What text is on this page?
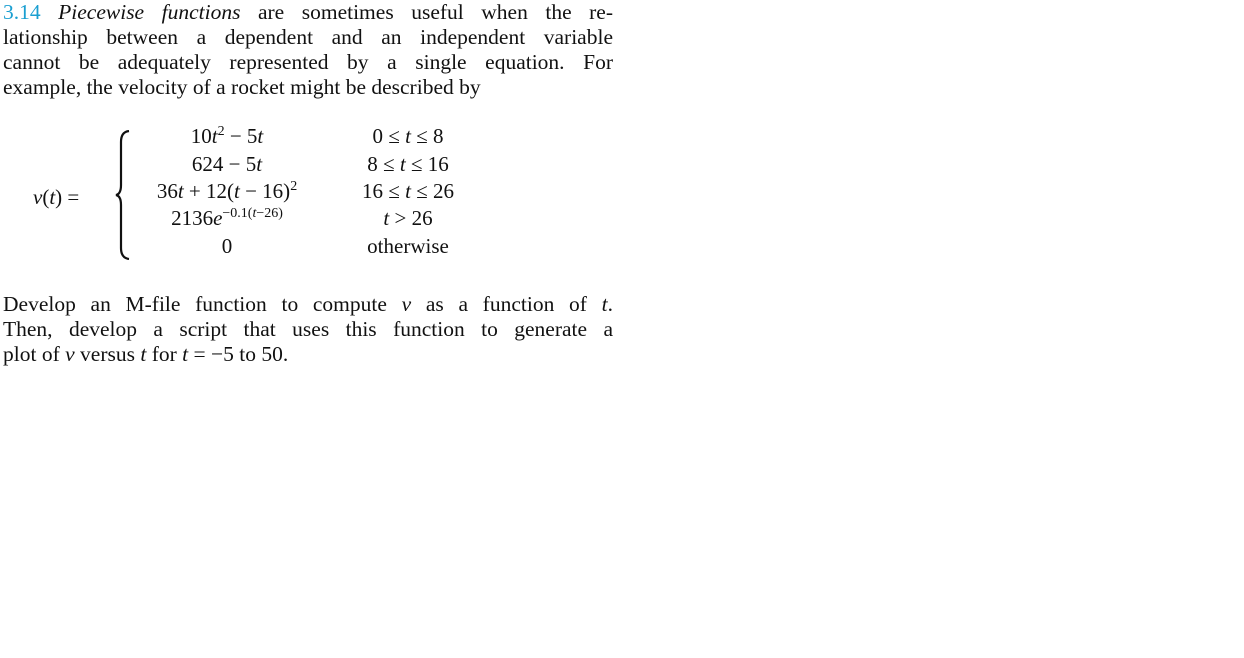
3.14 Piecewise functions are sometimes useful when the re-
lationship between a dependent and an independent variable
cannot be adequately represented by a single equation. For
example, the velocity of a rocket might be described by
v(t) =
$10t^2 - 5t$	0 ≤ t ≤ 8
624 − 5t	8 ≤ t ≤ 16
$36t + 12(t - 16)^2$	16 ≤ t ≤ 26
$2136e^{-0.1(t-26)}$	t > 26
0	otherwise
Develop an M-file function to compute v as a function of t.
Then, develop a script that uses this function to generate a
plot of v versus t for t = −5 to 50.
